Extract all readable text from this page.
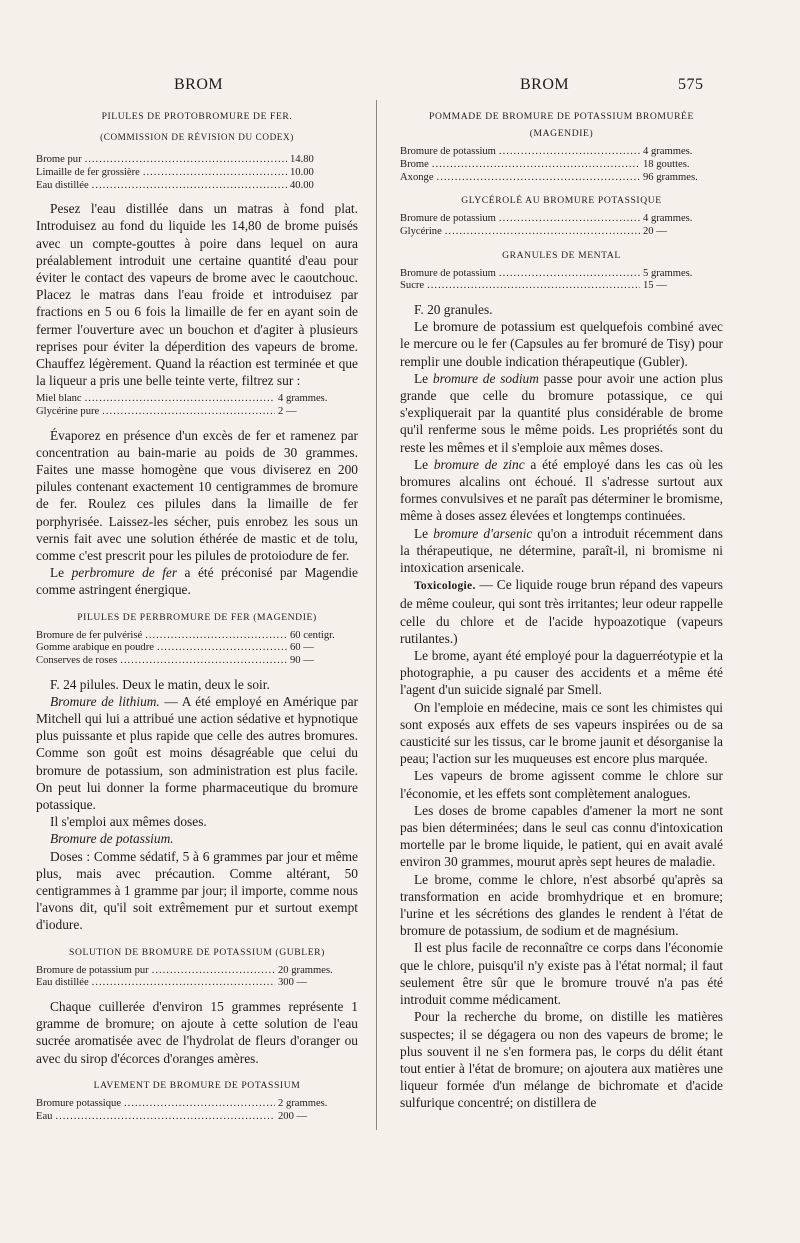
BROM	BROM	575
PILULES DE PROTOBROMURE DE FER.
(COMMISSION DE RÉVISION DU CODEX)
Brome pur .....	14.80
Limaille de fer grossière .....	10.00
Eau distillée .....	40.00

Pesez l'eau distillée dans un matras à fond plat. Introduisez au fond du liquide les 14,80 de brome puisés avec un compte-gouttes à poire dans lequel on aura préalablement introduit une certaine quantité d'eau pour éviter le contact des vapeurs de brome avec le caoutchouc. Placez le matras dans l'eau froide et introduisez par fractions en 5 ou 6 fois la limaille de fer en ayant soin de fermer l'ouverture avec un bouchon et d'agiter à plusieurs reprises pour éviter la déperdition des vapeurs de brome. Chauffez légèrement. Quand la réaction est terminée et que la liqueur a pris une belle teinte verte, filtrez sur :

Miel blanc .....	4 grammes.
Glycérine pure .....	2 —

Évaporez en présence d'un excès de fer et ramenez par concentration au bain-marie au poids de 30 grammes. Faites une masse homogène que vous diviserez en 200 pilules contenant exactement 10 centigrammes de bromure de fer. Roulez ces pilules dans la limaille de fer porphyrisée. Laissez-les sécher, puis enrobez les sous un vernis fait avec une solution éthérée de mastic et de tolu, comme c'est prescrit pour les pilules de protoiodure de fer.

Le perbromure de fer a été préconisé par Magendie comme astringent énergique.

PILULES DE PERBROMURE DE FER (MAGENDIE)
Bromure de fer pulvérisé .....	60 centigr.
Gomme arabique en poudre .....	60 —
Conserves de roses .....	90 —

F. 24 pilules. Deux le matin, deux le soir.

Bromure de lithium. — A été employé en Amérique par Mitchell qui lui a attribué une action sédative et hypnotique plus puissante et plus rapide que celle des autres bromures. Comme son goût est moins désagréable que celui du bromure de potassium, son administration est plus facile. On peut lui donner la forme pharmaceutique du bromure potassique.

Il s'emploi aux mêmes doses.

Bromure de potassium.

Doses : Comme sédatif, 5 à 6 grammes par jour et même plus, mais avec précaution. Comme altérant, 50 centigrammes à 1 gramme par jour; il importe, comme nous l'avons dit, qu'il soit extrêmement pur et surtout exempt d'iodure.

SOLUTION DE BROMURE DE POTASSIUM (GUBLER)
Bromure de potassium pur .....	20 grammes.
Eau distillée .....	300 —

Chaque cuillerée d'environ 15 grammes représente 1 gramme de bromure; on ajoute à cette solution de l'eau sucrée aromatisée avec de l'hydrolat de fleurs d'oranger ou avec du sirop d'écorces d'oranges amères.

LAVEMENT DE BROMURE DE POTASSIUM
Bromure potassique .....	2 grammes.
Eau .....	200 —
POMMADE DE BROMURE DE POTASSIUM BROMURÉE (MAGENDIE)
Bromure de potassium .....	4 grammes.
Brome .....	18 gouttes.
Axonge .....	96 grammes.
GLYCÉROLÉ AU BROMURE POTASSIQUE
Bromure de potassium .....	4 grammes.
Glycérine .....	20 —
GRANULES DE MENTAL
Bromure de potassium .....	5 grammes.
Sucre .....	15 —

F. 20 granules.

Le bromure de potassium est quelquefois combiné avec le mercure ou le fer (Capsules au fer bromuré de Tisy) pour remplir une double indication thérapeutique (Gubler).

Le bromure de sodium passe pour avoir une action plus grande que celle du bromure potassique, ce qui s'expliquerait par la quantité plus considérable de brome qu'il renferme sous le même poids. Les propriétés sont du reste les mêmes et il s'emploie aux mêmes doses.

Le bromure de zinc a été employé dans les cas où les bromures alcalins ont échoué. Il s'adresse surtout aux formes convulsives et ne paraît pas déterminer le bromisme, même à doses assez élevées et longtemps continuées.

Le bromure d'arsenic qu'on a introduit récemment dans la thérapeutique, ne détermine, paraît-il, ni bromisme ni intoxication arsenicale.

Toxicologie. — Ce liquide rouge brun répand des vapeurs de même couleur, qui sont très irritantes; leur odeur rappelle celle du chlore et de l'acide hypoazotique (vapeurs rutilantes.)

Le brome, ayant été employé pour la daguerréotypie et la photographie, a pu causer des accidents et a même été l'agent d'un suicide signalé par Smell.

On l'emploie en médecine, mais ce sont les chimistes qui sont exposés aux effets de ses vapeurs inspirées ou de sa causticité sur les tissus, car le brome jaunit et désorganise la peau; l'action sur les muqueuses est encore plus marquée.

Les vapeurs de brome agissent comme le chlore sur l'économie, et les effets sont complètement analogues.

Les doses de brome capables d'amener la mort ne sont pas bien déterminées; dans le seul cas connu d'intoxication mortelle par le brome liquide, le patient, qui en avait avalé environ 30 grammes, mourut après sept heures de maladie.

Le brome, comme le chlore, n'est absorbé qu'après sa transformation en acide bromhydrique et en bromure; l'urine et les sécrétions des glandes le rendent à l'état de bromure de potassium, de sodium et de magnésium.

Il est plus facile de reconnaître ce corps dans l'économie que le chlore, puisqu'il n'y existe pas à l'état normal; il faut seulement être sûr que le bromure trouvé n'a pas été introduit comme médicament.

Pour la recherche du brome, on distille les matières suspectes; il se dégagera ou non des vapeurs de brome; le plus souvent il ne s'en formera pas, le corps du délit étant tout entier à l'état de bromure; on ajoutera aux matières une liqueur formée d'un mélange de bichromate et d'acide sulfurique concentré; on distillera de
